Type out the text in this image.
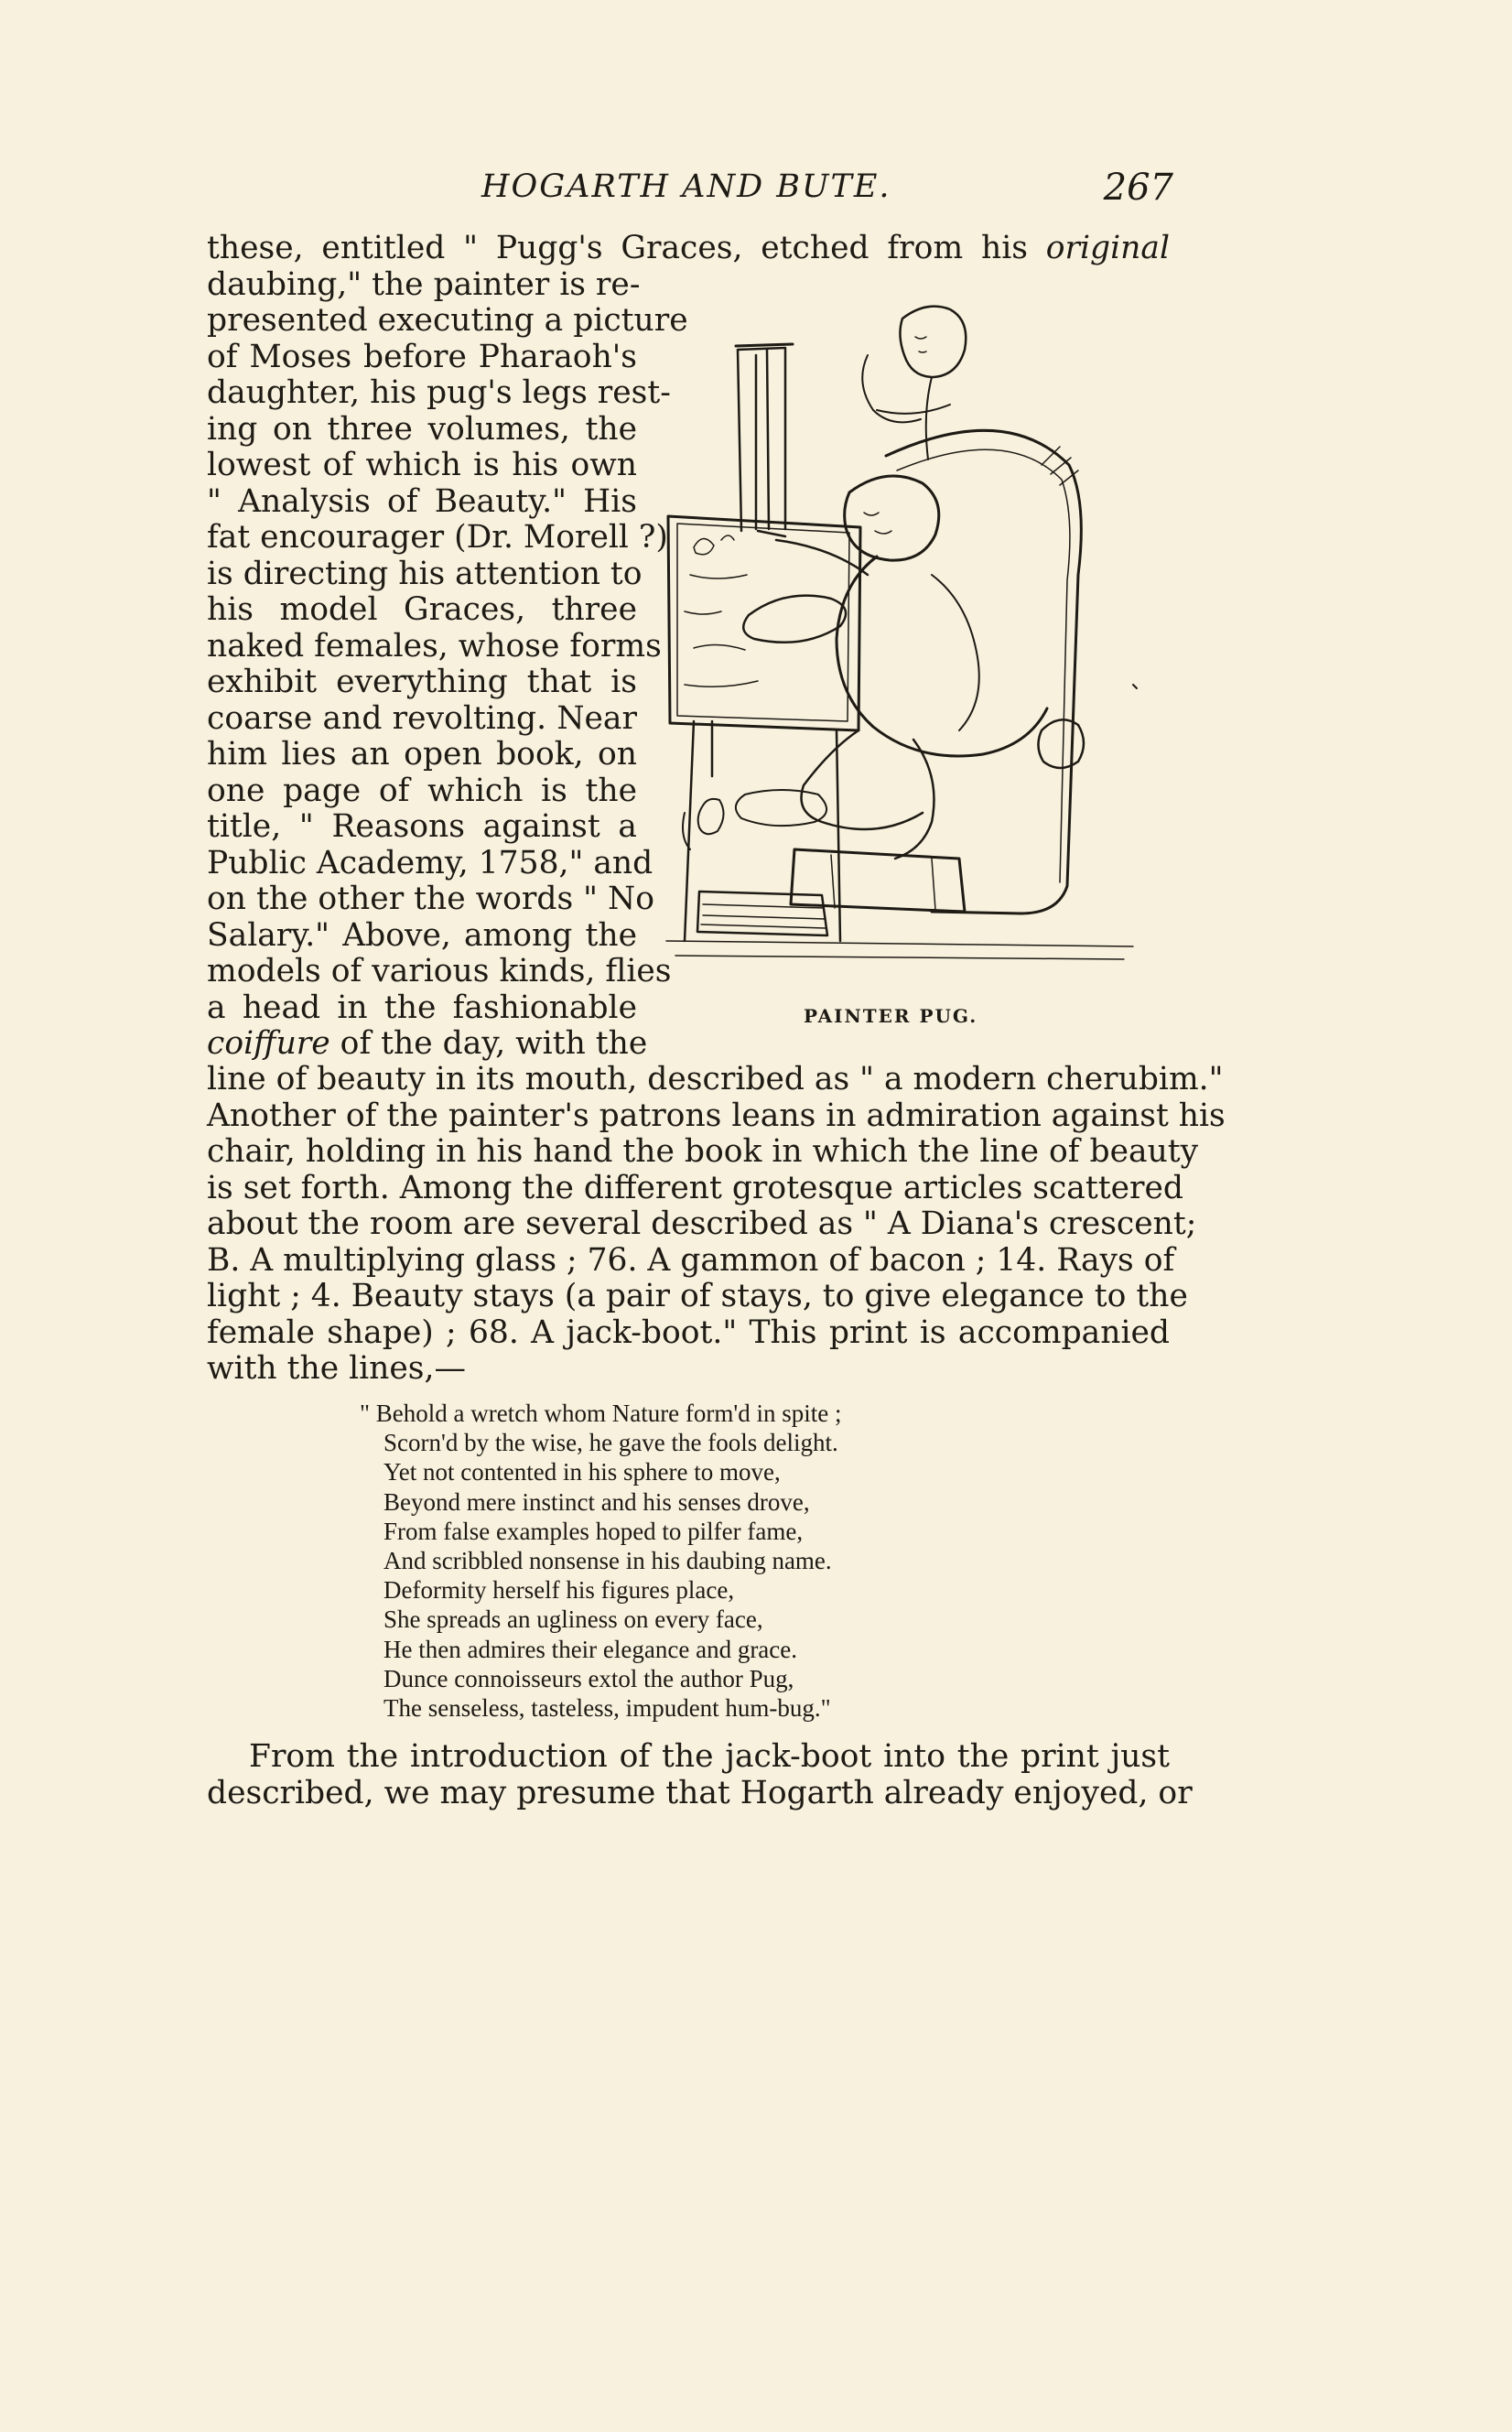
HOGARTH AND BUTE.	267
these, entitled " Pugg's Graces, etched from his original
daubing," the painter is re-
presented executing a picture
of Moses before Pharaoh's
daughter, his pug's legs rest-
ing on three volumes, the
lowest of which is his own
" Analysis of Beauty." His
fat encourager (Dr. Morell ?)
is directing his attention to
his model Graces, three
naked females, whose forms
exhibit everything that is
coarse and revolting. Near
him lies an open book, on
one page of which is the
title, " Reasons against a
Public Academy, 1758," and
on the other the words " No
Salary." Above, among the
models of various kinds, flies
a head in the fashionable
coiffure of the day, with the
PAINTER PUG.
line of beauty in its mouth, described as " a modern cherubim."
Another of the painter's patrons leans in admiration against his
chair, holding in his hand the book in which the line of beauty
is set forth. Among the different grotesque articles scattered
about the room are several described as " A Diana's crescent;
B. A multiplying glass ; 76. A gammon of bacon ; 14. Rays of
light ; 4. Beauty stays (a pair of stays, to give elegance to the
female shape) ; 68. A jack-boot." This print is accompanied
with the lines,—
" Behold a wretch whom Nature form'd in spite ;
Scorn'd by the wise, he gave the fools delight.
Yet not contented in his sphere to move,
Beyond mere instinct and his senses drove,
From false examples hoped to pilfer fame,
And scribbled nonsense in his daubing name.
Deformity herself his figures place,
She spreads an ugliness on every face,
He then admires their elegance and grace.
Dunce connoisseurs extol the author Pug,
The senseless, tasteless, impudent hum-bug."
From the introduction of the jack-boot into the print just
described, we may presume that Hogarth already enjoyed, or
